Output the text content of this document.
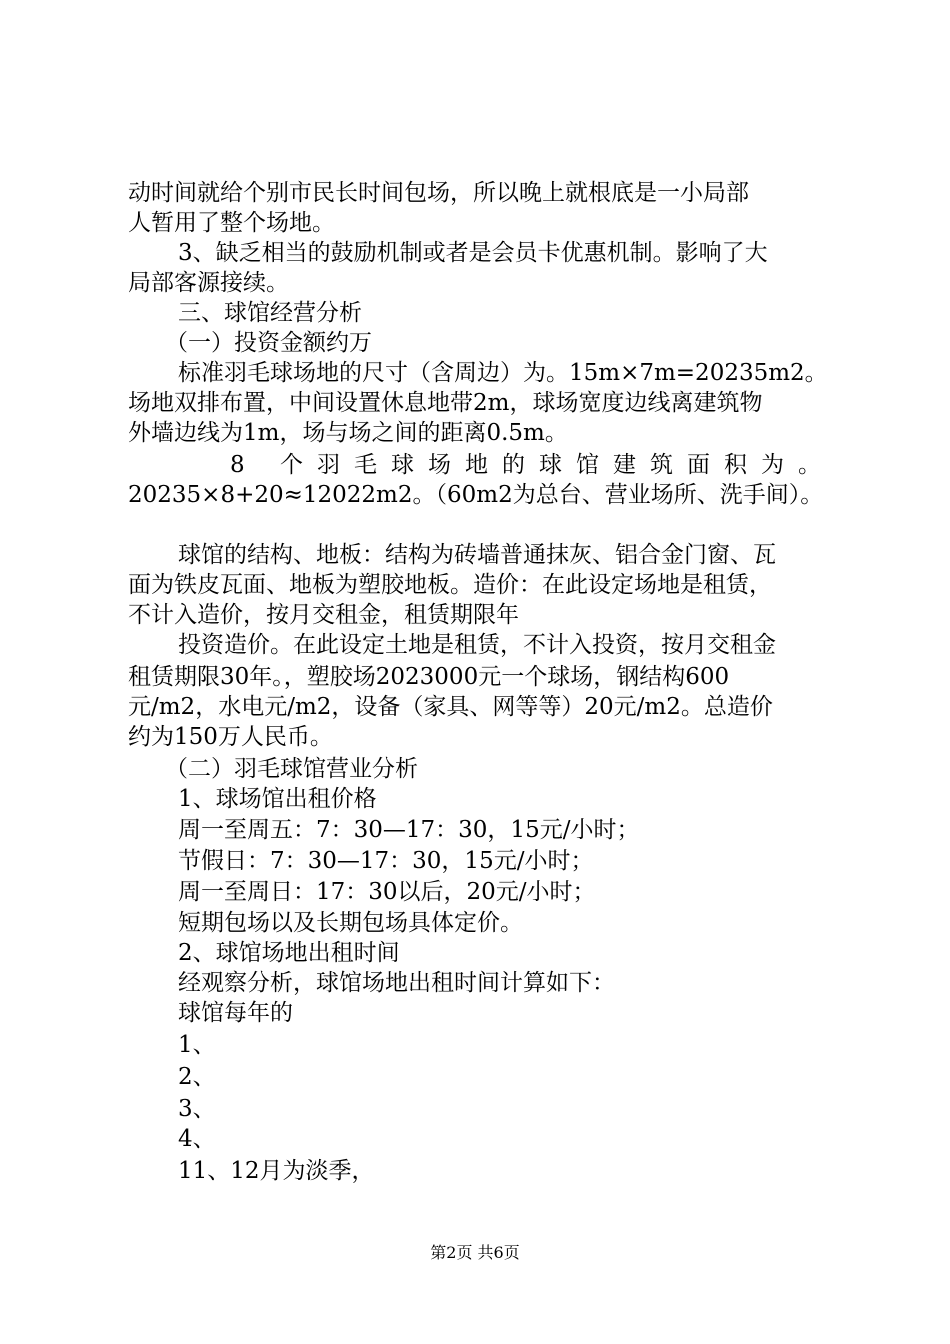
动时间就给个别市民长时间包场，所以晚上就根底是一小局部
人暂用了整个场地。
3、缺乏相当的鼓励机制或者是会员卡优惠机制。影响了大
局部客源接续。
三、球馆经营分析
（一）投资金额约万
标准羽毛球场地的尺寸（含周边）为。15m×7m=20235m2。
场地双排布置，中间设置休息地带2m，球场宽度边线离建筑物
外墙边线为1m，场与场之间的距离0.5m。
8 个羽毛球场地的球馆建筑面积为。
20235×8+20≈12022m2。（60m2为总台、营业场所、洗手间）。
球馆的结构、地板：结构为砖墙普通抹灰、铝合金门窗、瓦
面为铁皮瓦面、地板为塑胶地板。造价：在此设定场地是租赁，
不计入造价，按月交租金，租赁期限年
投资造价。在此设定土地是租赁，不计入投资，按月交租金
租赁期限30年。，塑胶场2023000元一个球场，钢结构600
元/m2，水电元/m2，设备（家具、网等等）20元/m2。总造价
约为150万人民币。
（二）羽毛球馆营业分析
1、球场馆出租价格
周一至周五：7：30—17：30，15元/小时；
节假日：7：30—17：30，15元/小时；
周一至周日：17：30以后，20元/小时；
短期包场以及长期包场具体定价。
2、球馆场地出租时间
经观察分析，球馆场地出租时间计算如下：
球馆每年的
1、
2、
3、
4、
11、12月为淡季，
第2页 共6页
